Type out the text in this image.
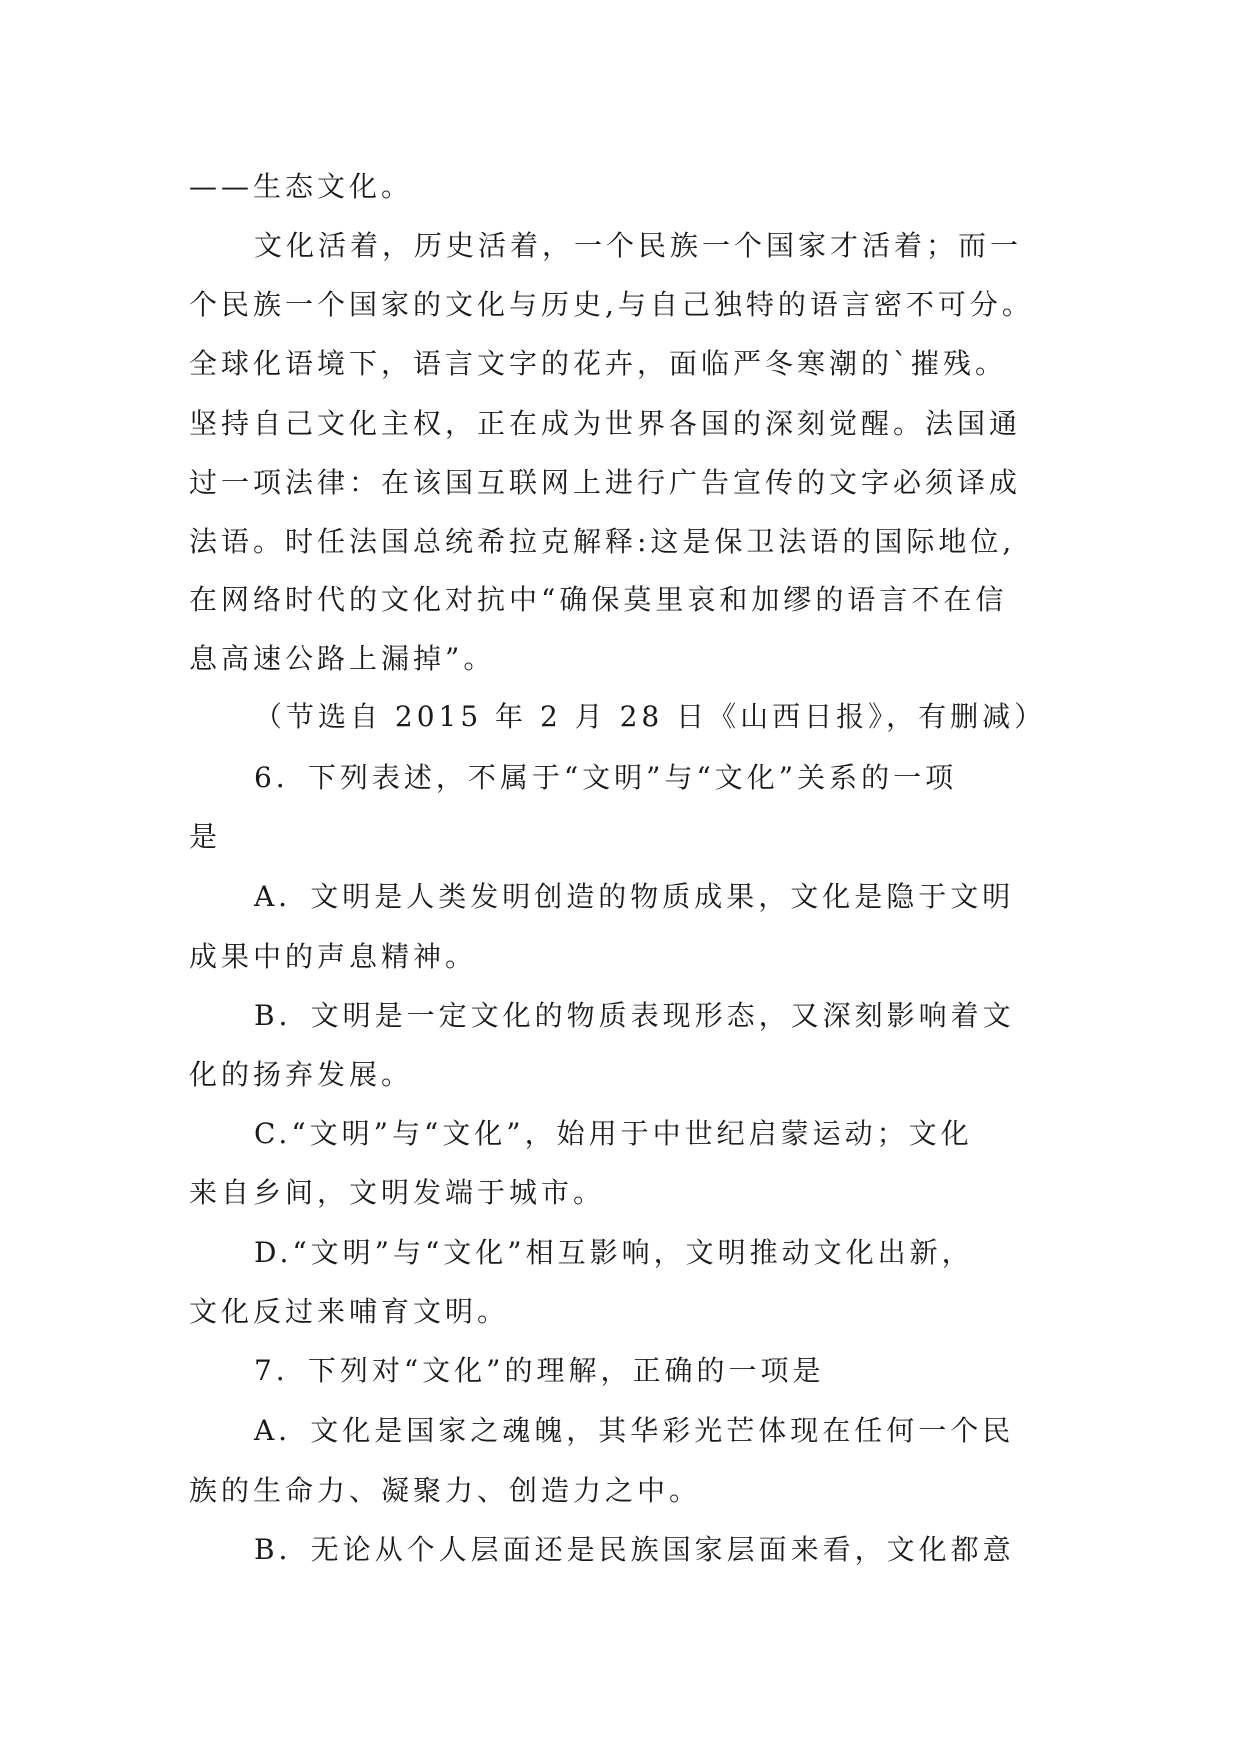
——生态文化。
文化活着，历史活着，一个民族一个国家才活着；而一
个民族一个国家的文化与历史,与自己独特的语言密不可分。
全球化语境下，语言文字的花卉，面临严冬寒潮的`摧残。
坚持自己文化主权，正在成为世界各国的深刻觉醒。法国通
过一项法律：在该国互联网上进行广告宣传的文字必须译成
法语。时任法国总统希拉克解释:这是保卫法语的国际地位,
在网络时代的文化对抗中“确保莫里哀和加缪的语言不在信
息高速公路上漏掉”。
（节选自 2015 年 2 月 28 日《山西日报》，有删减）
6．下列表述，不属于“文明”与“文化”关系的一项
是
A．文明是人类发明创造的物质成果，文化是隐于文明
成果中的声息精神。
B．文明是一定文化的物质表现形态，又深刻影响着文
化的扬弃发展。
C.“文明”与“文化”，始用于中世纪启蒙运动；文化
来自乡间，文明发端于城市。
D.“文明”与“文化”相互影响，文明推动文化出新，
文化反过来哺育文明。
7．下列对“文化”的理解，正确的一项是
A．文化是国家之魂魄，其华彩光芒体现在任何一个民
族的生命力、凝聚力、创造力之中。
B．无论从个人层面还是民族国家层面来看，文化都意
